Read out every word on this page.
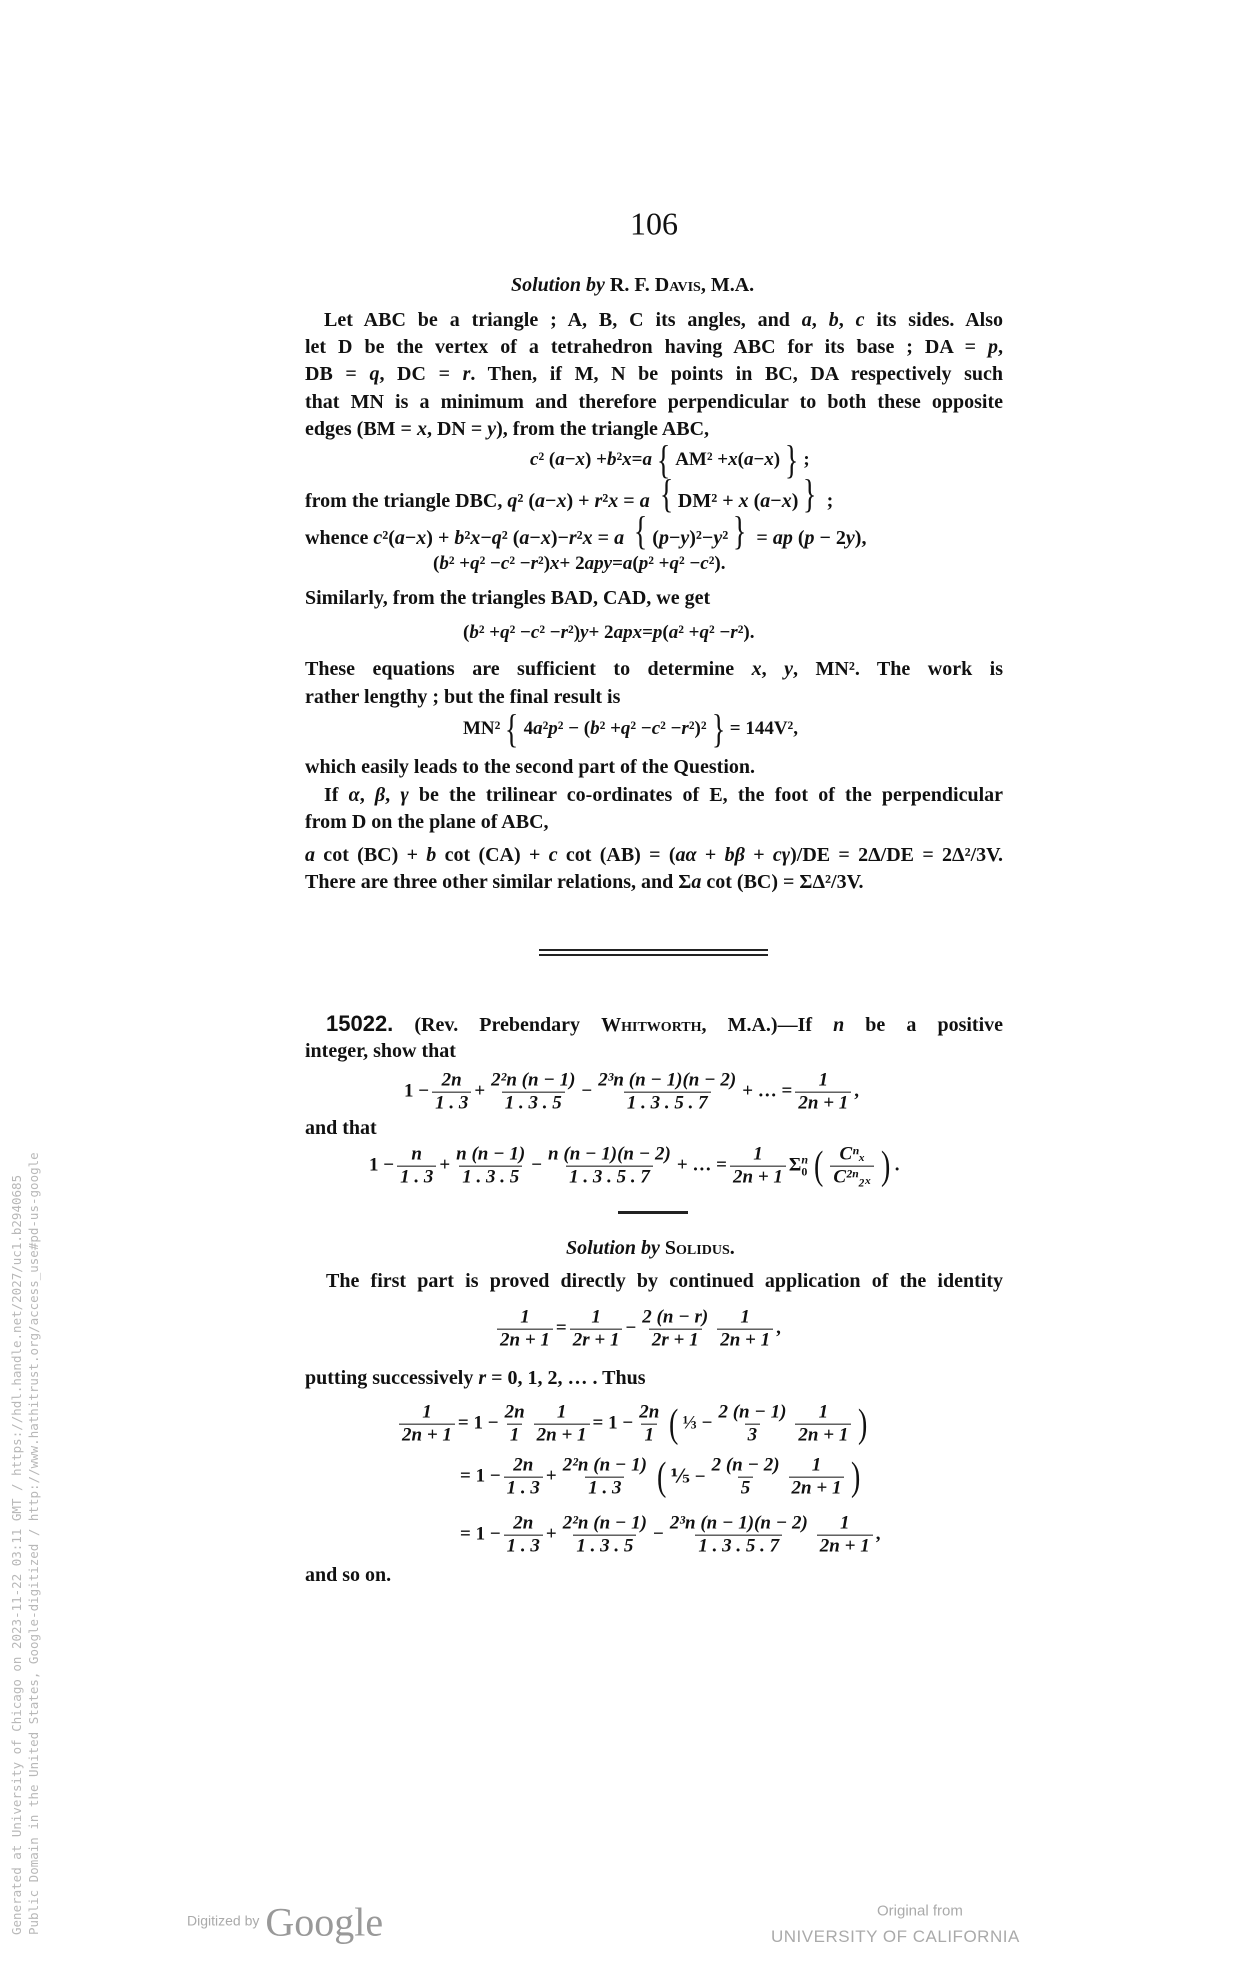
106
Solution by R. F. Davis, M.A.
Let ABC be a triangle ; A, B, C its angles, and a, b, c its sides. Also
let D be the vertex of a tetrahedron having ABC for its base ; DA = p,
DB = q, DC = r. Then, if M, N be points in BC, DA respectively such
that MN is a minimum and therefore perpendicular to both these opposite
edges (BM = x, DN = y), from the triangle ABC,
c ² ( a − x ) + b ² x = a { AM² + x ( a − x ) } ;
from the triangle DBC, q² (a−x) + r²x = a { DM² + x (a−x) } ;
whence c²(a−x) + b²x−q² (a−x)−r²x = a { (p−y)²−y² } = ap (p − 2y),
( b ² + q ² − c ² − r ²) x + 2 apy = a ( p ² + q ² − c ²).
Similarly, from the triangles BAD, CAD, we get
( b ² + q ² − c ² − r ²) y + 2 apx = p ( a ² + q ² − r ²).
These equations are sufficient to determine x, y, MN². The work is
rather lengthy ; but the final result is
MN² { 4 a ² p ² − ( b ² + q ² − c ² − r ²)² } = 144V²,
which easily leads to the second part of the Question.
If α, β, γ be the trilinear co-ordinates of E, the foot of the perpendicular
from D on the plane of ABC,
a cot (BC) + b cot (CA) + c cot (AB) = (aα + bβ + cγ)/DE = 2Δ/DE = 2Δ²/3V.
There are three other similar relations, and Σa cot (BC) = ΣΔ²/3V.
15022. (Rev. Prebendary Whitworth, M.A.)—If n be a positive
integer, show that
$1 - \frac{2n}{1 . 3} + \frac{\text{2²n (n − 1)}}{1 . 3 . 5} - \frac{\text{2³n (n − 1)(n − 2)}}{1 . 3 . 5 . 7}$ + … = $\frac{1}{2n + 1}$ ,
and that
$1 - \frac{n}{1 . 3} + \frac{n (n - 1)}{1 . 3 . 5} - \frac{n (n - 1)(n - 2)}{1 . 3 . 5 . 7}$ + … = $\frac{1}{2n + 1}$ Σ n
0 ( $\frac{\text{Cⁿₓ}}{\text{C²ⁿ₂ₓ}}$ ) .
Solution by Solidus.
The first part is proved directly by continued application of the identity
$\frac{1}{2n + 1} = \frac{1}{2r + 1} - \frac{2 (n - r)}{2r + 1} \frac{1}{2n + 1}$ ,
putting successively r = 0, 1, 2, … . Thus
$\frac{1}{2n + 1} = 1 - \frac{2n}{1} \frac{1}{2n + 1} = 1 - \frac{2n}{1}$ ( ⅓ − $\frac{2 (n - 1)}{3} \frac{1}{2n + 1}$ )
= $1 - \frac{2n}{1 . 3} + \frac{\text{2²n (n − 1)}}{1 . 3}$ ( ⅕ − $\frac{2 (n - 2)}{5} \frac{1}{2n + 1}$ )
= $1 - \frac{2n}{1 . 3} + \frac{\text{2²n (n − 1)}}{1 . 3 . 5} - \frac{\text{2³n (n − 1)(n − 2)}}{1 . 3 . 5 . 7} \frac{1}{2n + 1}$ ,
and so on.
Generated at University of Chicago on 2023-11-22 03:11 GMT / https://hdl.handle.net/2027/uc1.b2940685 Public Domain in the United States, Google-digitized / http://www.hathitrust.org/access_use#pd-us-google	Digitized by Google	Original from
UNIVERSITY OF CALIFORNIA
